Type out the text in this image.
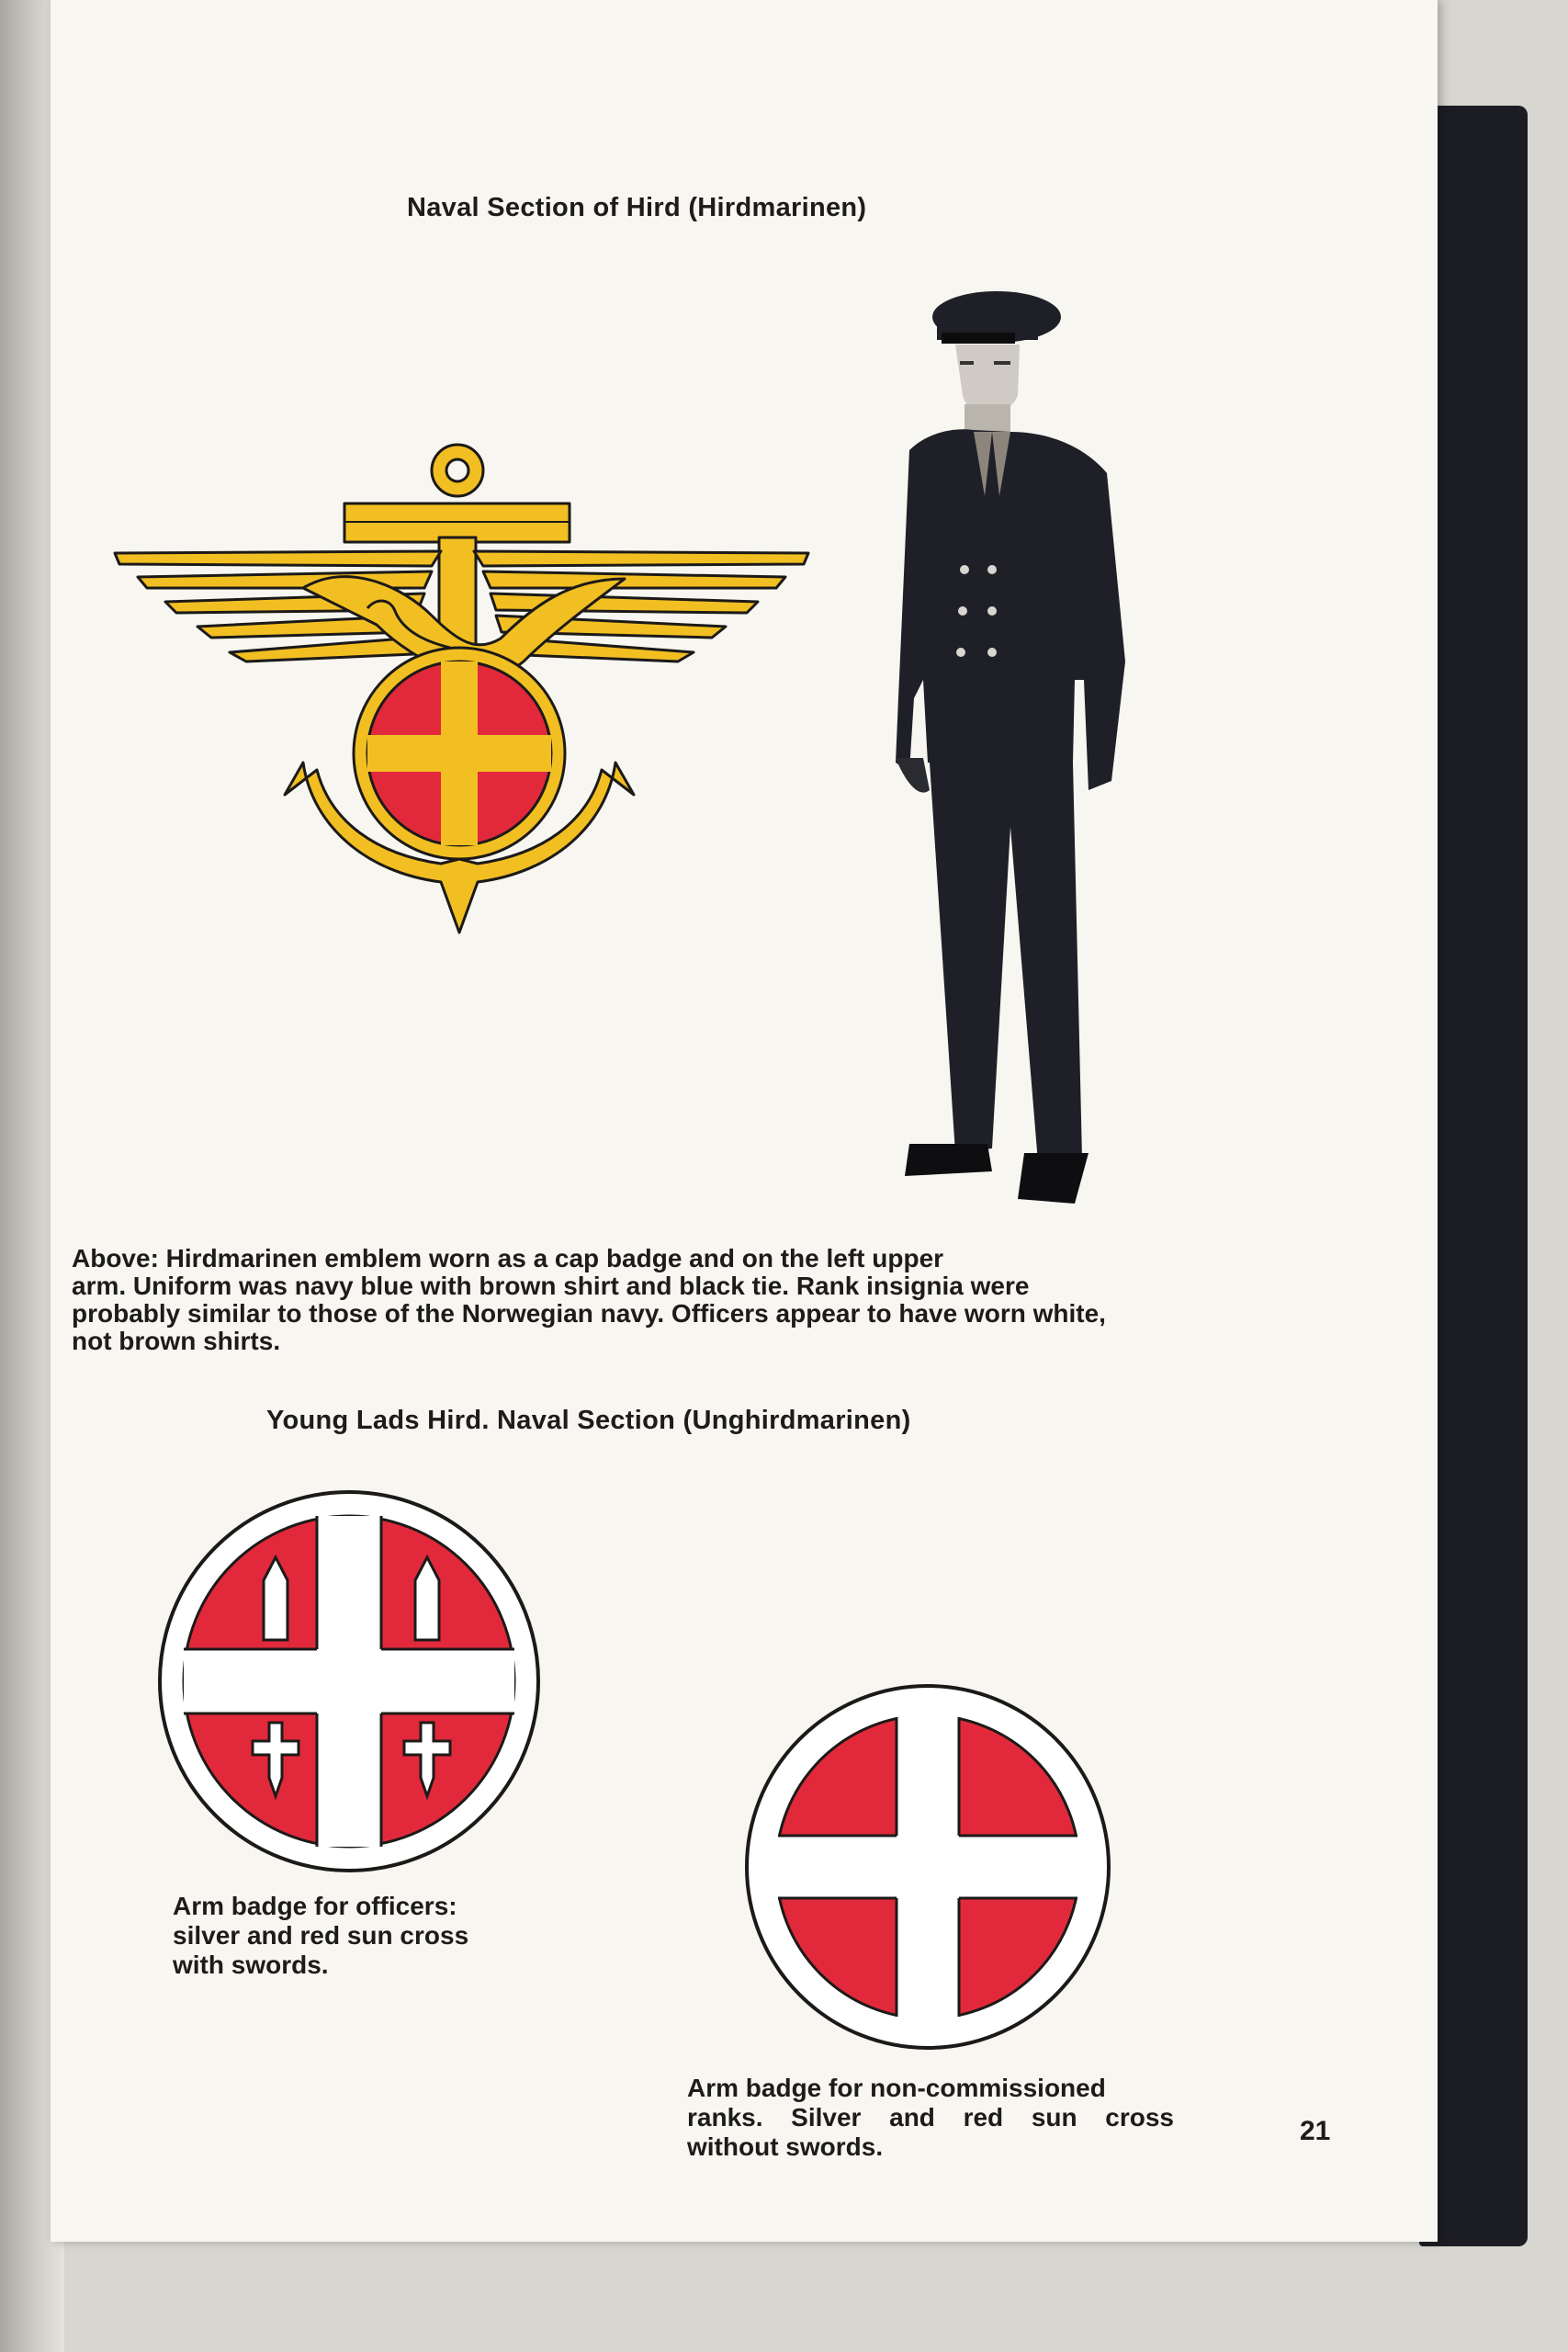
Naval Section of Hird (Hirdmarinen)
Above: Hirdmarinen emblem worn as a cap badge and on the left upper
arm. Uniform was navy blue with brown shirt and black tie. Rank insignia were
probably similar to those of the Norwegian navy. Officers appear to have worn white,
not brown shirts.
Young Lads Hird. Naval Section (Unghirdmarinen)
Arm badge for officers:
silver and red sun cross
with swords.
Arm badge for non-commissioned
ranks. Silver and red sun cross
without swords.
21
